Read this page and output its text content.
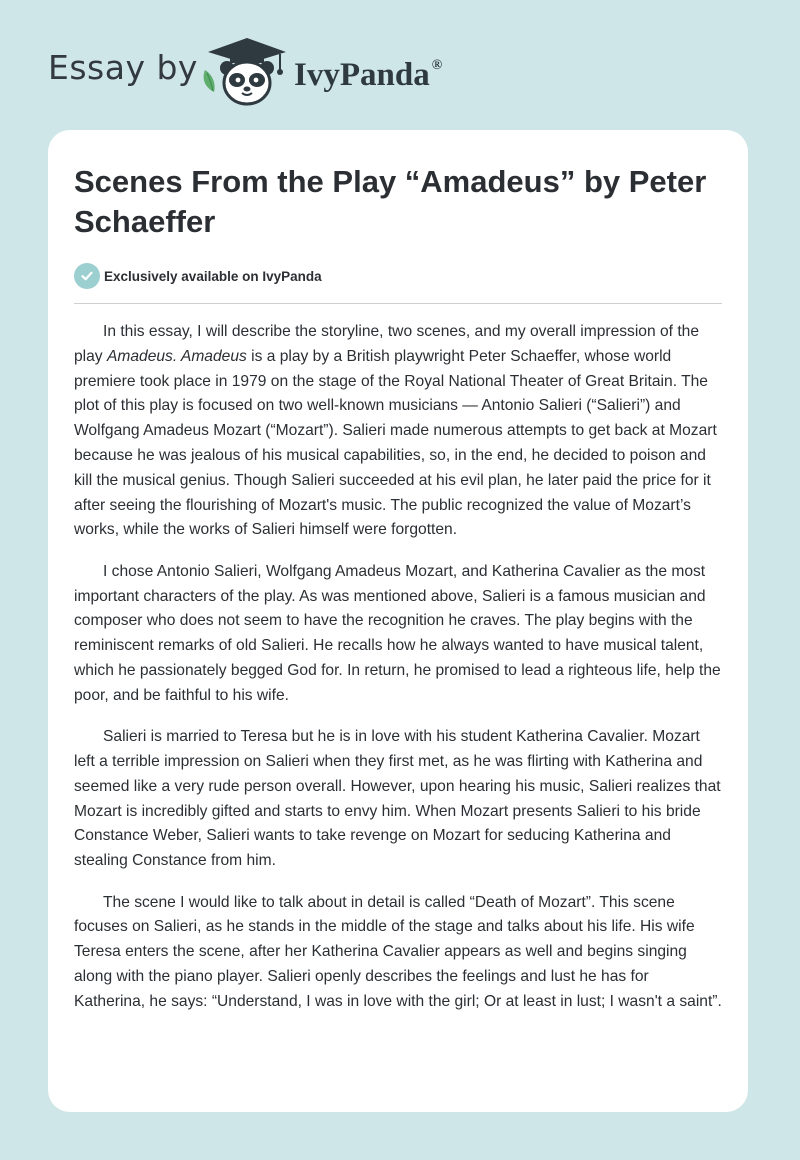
Essay by	IvyPanda ®
Scenes From the Play “Amadeus” by Peter Schaeffer
Exclusively available on IvyPanda

In this essay, I will describe the storyline, two scenes, and my overall impression of the play Amadeus. Amadeus is a play by a British playwright Peter Schaeffer, whose world premiere took place in 1979 on the stage of the Royal National Theater of Great Britain. The plot of this play is focused on two well-known musicians — Antonio Salieri (“Salieri”) and Wolfgang Amadeus Mozart (“Mozart”). Salieri made numerous attempts to get back at Mozart because he was jealous of his musical capabilities, so, in the end, he decided to poison and kill the musical genius. Though Salieri succeeded at his evil plan, he later paid the price for it after seeing the flourishing of Mozart's music. The public recognized the value of Mozart’s works, while the works of Salieri himself were forgotten.

I chose Antonio Salieri, Wolfgang Amadeus Mozart, and Katherina Cavalier as the most important characters of the play. As was mentioned above, Salieri is a famous musician and composer who does not seem to have the recognition he craves. The play begins with the reminiscent remarks of old Salieri. He recalls how he always wanted to have musical talent, which he passionately begged God for. In return, he promised to lead a righteous life, help the poor, and be faithful to his wife.

Salieri is married to Teresa but he is in love with his student Katherina Cavalier. Mozart left a terrible impression on Salieri when they first met, as he was flirting with Katherina and seemed like a very rude person overall. However, upon hearing his music, Salieri realizes that Mozart is incredibly gifted and starts to envy him. When Mozart presents Salieri to his bride Constance Weber, Salieri wants to take revenge on Mozart for seducing Katherina and stealing Constance from him.

The scene I would like to talk about in detail is called “Death of Mozart”. This scene focuses on Salieri, as he stands in the middle of the stage and talks about his life. His wife Teresa enters the scene, after her Katherina Cavalier appears as well and begins singing along with the piano player. Salieri openly describes the feelings and lust he has for Katherina, he says: “Understand, I was in love with the girl; Or at least in lust; I wasn't a saint”.
